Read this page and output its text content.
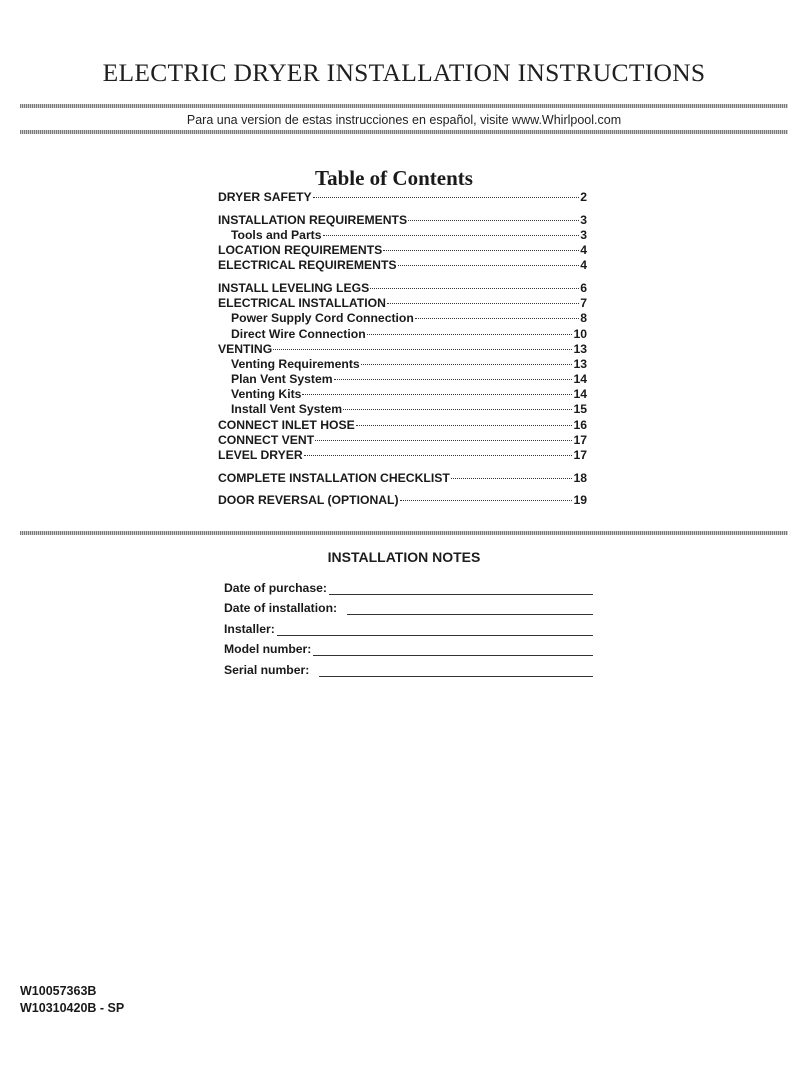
ELECTRIC DRYER INSTALLATION INSTRUCTIONS
Para una version de estas instrucciones en español, visite www.Whirlpool.com
Table of Contents
DRYER SAFETY	2
INSTALLATION REQUIREMENTS	3
Tools and Parts	3
LOCATION REQUIREMENTS	4
ELECTRICAL REQUIREMENTS	4
INSTALL LEVELING LEGS	6
ELECTRICAL INSTALLATION	7
Power Supply Cord Connection	8
Direct Wire Connection	10
VENTING	13
Venting Requirements	13
Plan Vent System	14
Venting Kits	14
Install Vent System	15
CONNECT INLET HOSE	16
CONNECT VENT	17
LEVEL DRYER	17
COMPLETE INSTALLATION CHECKLIST	18
DOOR REVERSAL (OPTIONAL)	19
INSTALLATION NOTES
Date of purchase:
Date of installation:
Installer:
Model number:
Serial number:
W10057363B
W10310420B - SP
